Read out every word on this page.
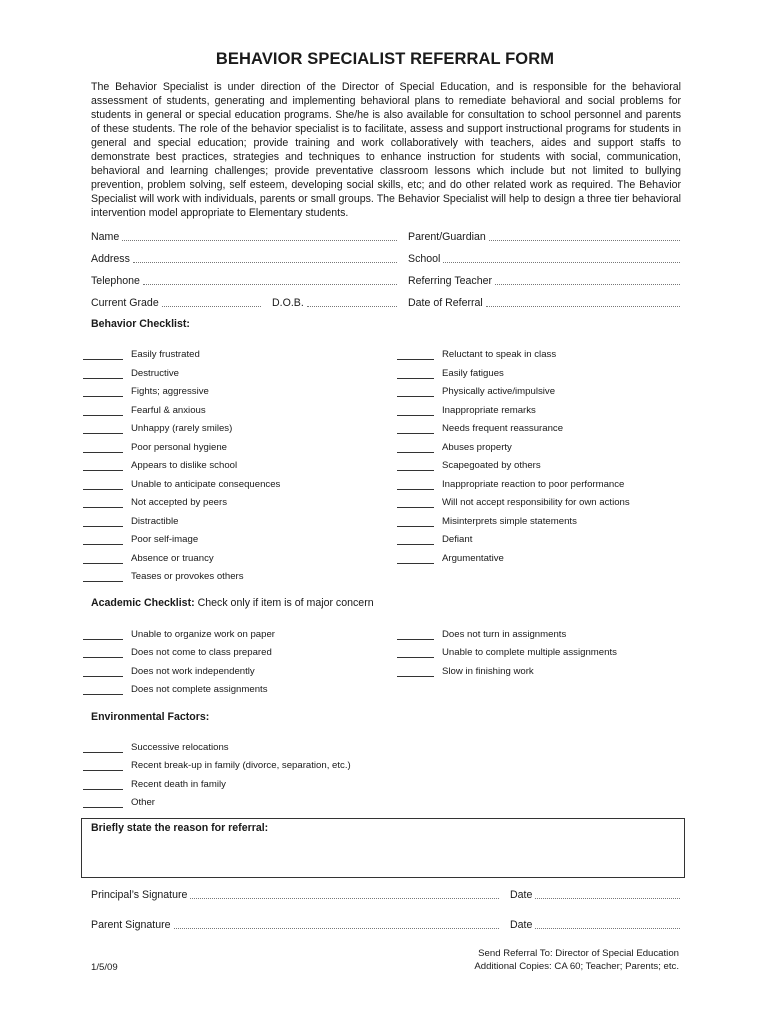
BEHAVIOR SPECIALIST REFERRAL FORM
The Behavior Specialist is under direction of the Director of Special Education, and is responsible for the behavioral assessment of students, generating and implementing behavioral plans to remediate behavioral and social problems for students in general or special education programs. She/he is also available for consultation to school personnel and parents of these students. The role of the behavior specialist is to facilitate, assess and support instructional programs for students in general and special education; provide training and work collaboratively with teachers, aides and support staffs to demonstrate best practices, strategies and techniques to enhance instruction for students with social, communication, behavioral and learning challenges; provide preventative classroom lessons which include but not limited to bullying prevention, problem solving, self esteem, developing social skills, etc; and do other related work as required. The Behavior Specialist will work with individuals, parents or small groups. The Behavior Specialist will help to design a three tier behavioral intervention model appropriate to Elementary students.
Name	Parent/Guardian
Address	School
Telephone	Referring Teacher
Current Grade	D.O.B.	Date of Referral
Behavior Checklist:
Easily frustrated
Destructive
Fights; aggressive
Fearful & anxious
Unhappy (rarely smiles)
Poor personal hygiene
Appears to dislike school
Unable to anticipate consequences
Not accepted by peers
Distractible
Poor self-image
Absence or truancy
Teases or provokes others
Reluctant to speak in class
Easily fatigues
Physically active/impulsive
Inappropriate remarks
Needs frequent reassurance
Abuses property
Scapegoated by others
Inappropriate reaction to poor performance
Will not accept responsibility for own actions
Misinterprets simple statements
Defiant
Argumentative
Academic Checklist: Check only if item is of major concern
Unable to organize work on paper
Does not come to class prepared
Does not work independently
Does not complete assignments
Does not turn in assignments
Unable to complete multiple assignments
Slow in finishing work
Environmental Factors:
Successive relocations
Recent break-up in family (divorce, separation, etc.)
Recent death in family
Other
Briefly state the reason for referral:
Principal’s Signature	Date
Parent Signature	Date
Send Referral To: Director of Special Education
Additional Copies: CA 60; Teacher; Parents; etc.
1/5/09
